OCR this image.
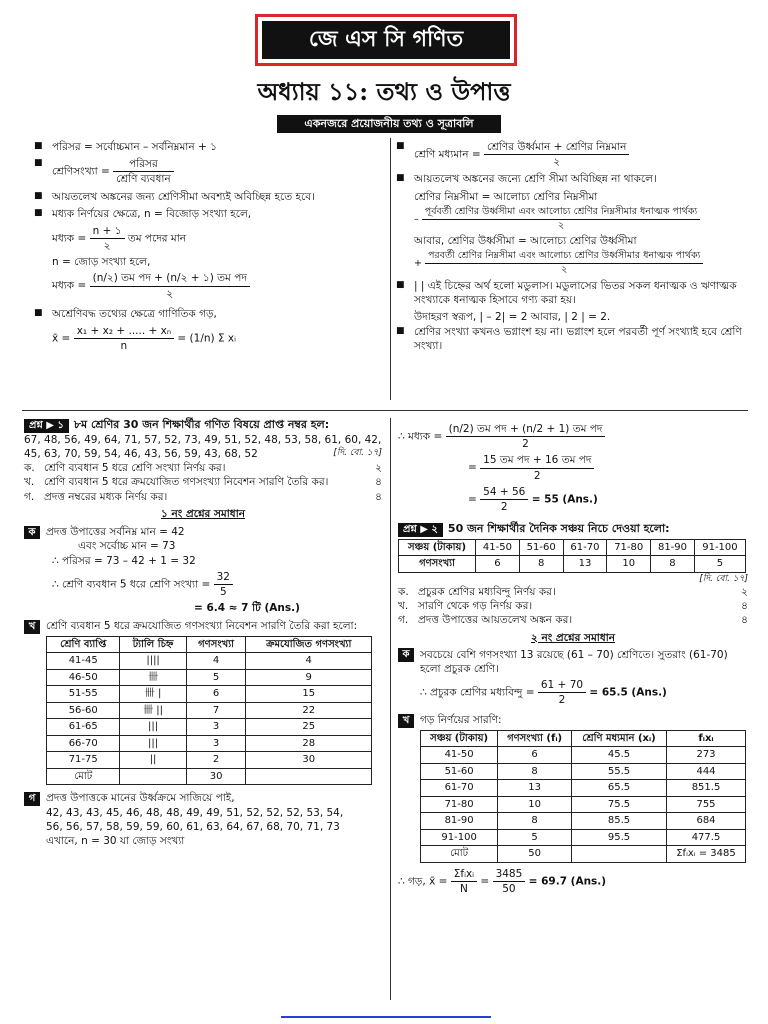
জে এস সি গণিত
অধ্যায় ১১: তথ্য ও উপাত্ত
একনজরে প্রয়োজনীয় তথ্য ও সূত্রাবলি
■ পরিসর = সর্বোচ্চমান – সর্বনিম্নমান + ১
■ শ্রেণিসংখ্যা = $\frac{\text{পরিসর}}{\text{শ্রেণি ব্যবধান}}$
■ আয়তলেখ অঙ্কনের জন্য শ্রেণিসীমা অবশ্যই অবিচ্ছিন্ন হতে হবে।
■ মধ্যক নির্ণয়ের ক্ষেত্রে, n = বিজোড় সংখ্যা হলে,
মধ্যক = $\frac{n + ১}{২}$ তম পদের মান
n = জোড় সংখ্যা হলে,
মধ্যক = $\frac{\text{(n/২) তম পদ + (n/২ + ১) তম পদ}}{২}$
■ অশ্রেণিবদ্ধ তথ্যের ক্ষেত্রে গাণিতিক গড়,
x̄ = $\frac{\text{x₁ + x₂ + ..... + xₙ}}{n} = (1/n)$ Σ xᵢ
■ শ্রেণি মধ্যমান = $\frac{\text{শ্রেণির উর্ধ্বমান + শ্রেণির নিম্নমান}}{২}$
■ আয়তলেখ অঙ্কনের জন্যে শ্রেণি সীমা অবিচ্ছিন্ন না থাকলে।
শ্রেণির নিম্নসীমা = আলোচ্য শ্রেণির নিম্নসীমা
–
পূর্ববর্তী শ্রেণির উর্ধ্বসীমা এবং আলোচ্য শ্রেণির নিম্নসীমার ধনাত্মক পার্থক্য
২
আবার, শ্রেণির উর্ধ্বসীমা = আলোচ্য শ্রেণির উর্ধ্বসীমা
+
পরবর্তী শ্রেণির নিম্নসীমা এবং আলোচ্য শ্রেণির উর্ধ্বসীমার ধনাত্মক পার্থক্য
২
■ | | এই চিহ্নের অর্থ হলো মডুলাস। মডুলাসের ভিতর সকল ধনাত্মক ও ঋণাত্মক সংখ্যাকে ধনাত্মক হিসাবে গণ্য করা হয়।
উদাহরণ স্বরূপ, | – 2| = 2 আবার, | 2 | = 2.
■ শ্রেণির সংখ্যা কখনও ভগ্নাংশ হয় না। ভগ্নাংশ হলে পরবর্তী পূর্ণ সংখ্যাই হবে শ্রেণি সংখ্যা।
প্রশ্ন ▶ ১ ৮ম শ্রেণির 30 জন শিক্ষার্থীর গণিত বিষয়ে প্রাপ্ত নম্বর হল:
67, 48, 56, 49, 64, 71, 57, 52, 73, 49, 51, 52, 48, 53, 58, 61, 60, 42,
45, 63, 70, 59, 54, 46, 43, 56, 59, 43, 68, 52	[দি. বো. ১৭]
ক. শ্রেণি ব্যবধান 5 ধরে শ্রেণি সংখ্যা নির্ণয় কর।	২
খ. শ্রেণি ব্যবধান 5 ধরে ক্রমযোজিত গণসংখ্যা নিবেশন সারণি তৈরি কর।	৪
গ. প্রদত্ত নম্বরের মধ্যক নির্ণয় কর।	৪
১ নং প্রশ্নের সমাধান
ক প্রদত্ত উপাত্তের সর্বনিম্ন মান = 42
এবং সর্বোচ্চ মান = 73
∴ পরিসর = 73 – 42 + 1 = 32
∴ শ্রেণি ব্যবধান 5 ধরে শ্রেণি সংখ্যা = $\frac{32}{5}$
= 6.4 ≈ 7 টি (Ans.)
খ শ্রেণি ব্যবধান 5 ধরে ক্রমযোজিত গণসংখ্যা নিবেশন সারণি তৈরি করা হলো:
শ্রেণি ব্যাপ্তি	ট্যালি চিহ্ন	গণসংখ্যা	ক্রমযোজিত গণসংখ্যা
41-45	||||	4	4
46-50	卌	5	9
51-55	卌 |	6	15
56-60	卌 ||	7	22
61-65	|||	3	25
66-70	|||	3	28
71-75	||	2	30
মোট		30	
গ প্রদত্ত উপাত্তকে মানের উর্ধ্বক্রমে সাজিয়ে পাই,
42, 43, 43, 45, 46, 48, 48, 49, 49, 51, 52, 52, 52, 53, 54,
56, 56, 57, 58, 59, 59, 60, 61, 63, 64, 67, 68, 70, 71, 73
এখানে, n = 30 যা জোড় সংখ্যা
∴ মধ্যক = $\frac{\text{(n/2) তম পদ + (n/2 + 1) তম পদ}}{2}$
= $\frac{\text{15 তম পদ + 16 তম পদ}}{2}$
= $\frac{54 + 56}{2} = 55$ (Ans.)
প্রশ্ন ▶ ২ 50 জন শিক্ষার্থীর দৈনিক সঞ্চয় নিচে দেওয়া হলো:
সঞ্চয় (টাকায়)	41-50	51-60	61-70	71-80	81-90	91-100
গণসংখ্যা	6	8	13	10	8	5
[দি. বো. ১৭]
ক. প্রচুরক শ্রেণির মধ্যবিন্দু নির্ণয় কর।	২
খ. সারণি থেকে গড় নির্ণয় কর।	৪
গ. প্রদত্ত উপাত্তের আয়তলেখ অঙ্কন কর।	৪
২ নং প্রশ্নের সমাধান
ক	সবচেয়ে বেশি গণসংখ্যা 13 রয়েছে (61 – 70) শ্রেণিতে। সুতরাং (61-70) হলো প্রচুরক শ্রেণি।
∴ প্রচুরক শ্রেণির মধ্যবিন্দু = $\frac{61 + 70}{2} = 65.5$ (Ans.)
খ গড় নির্ণয়ের সারণি:
সঞ্চয় (টাকায়)	গণসংখ্যা (fᵢ)	শ্রেণি মধ্যমান (xᵢ)	fᵢxᵢ
41-50	6	45.5	273
51-60	8	55.5	444
61-70	13	65.5	851.5
71-80	10	75.5	755
81-90	8	85.5	684
91-100	5	95.5	477.5
মোট	50		Σfᵢxᵢ = 3485
∴ গড়, x̄ = $\frac{\text{Σfᵢxᵢ}}{N} = \frac{3485}{50} = 69.7$ (Ans.)
